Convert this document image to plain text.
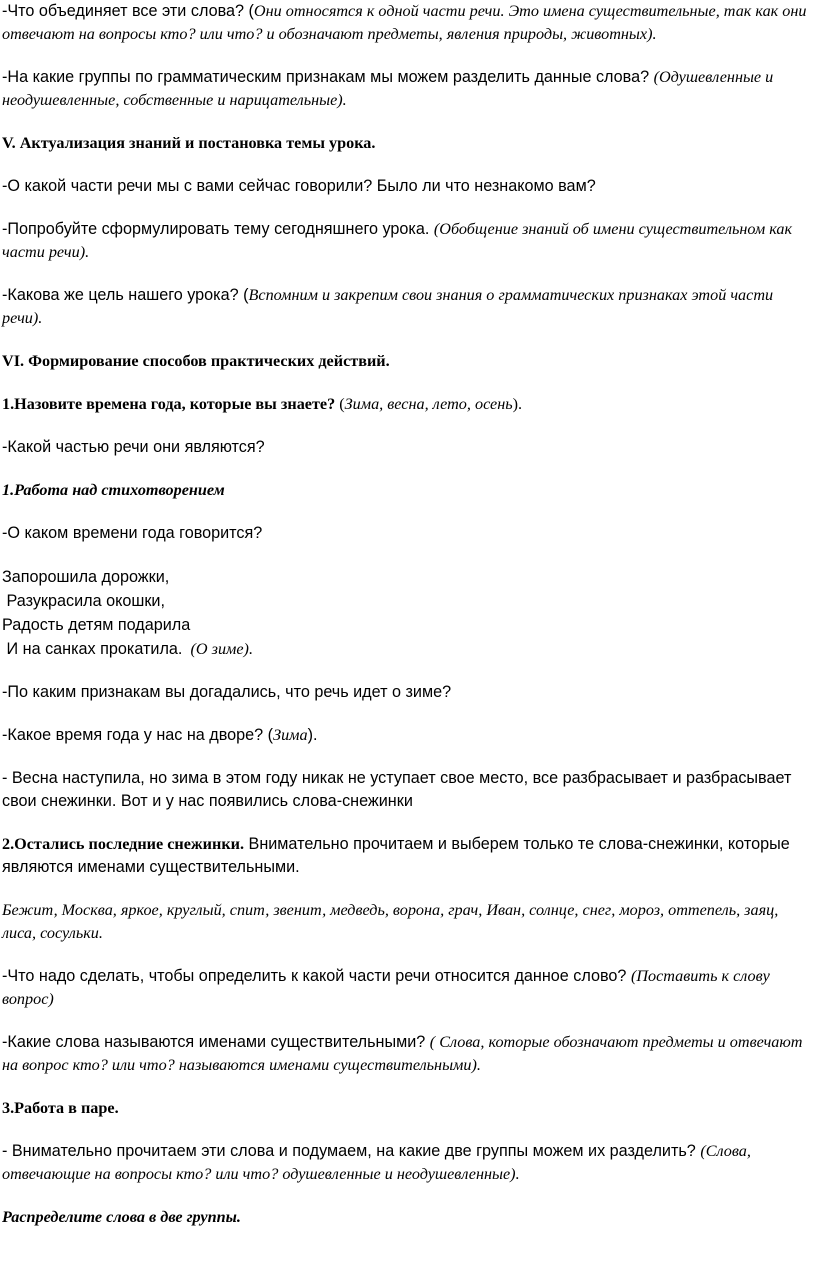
-Что объединяет все эти слова? (Они относятся к одной части речи. Это имена существительные, так как они отвечают на вопросы кто? или что? и обозначают предметы, явления природы, животных).

-На какие группы по грамматическим признакам мы можем разделить данные слова? (Одушевленные и неодушевленные, собственные и нарицательные).

V. Актуализация знаний и постановка темы урока.

-О какой части речи мы с вами сейчас говорили? Было ли что незнакомо вам?

-Попробуйте сформулировать тему сегодняшнего урока. (Обобщение знаний об имени существительном как части речи).

-Какова же цель нашего урока? (Вспомним и закрепим свои знания о грамматических признаках этой части речи).

VI. Формирование способов практических действий.

1.Назовите времена года, которые вы знаете? (Зима, весна, лето, осень).

-Какой частью речи они являются?

1.Работа над стихотворением

-О каком времени года говорится?

Запорошила дорожки,

Разукрасила окошки,

Радость детям подарила

И на санках прокатила. (О зиме).

-По каким признакам вы догадались, что речь идет о зиме?

-Какое время года у нас на дворе? (Зима).

- Весна наступила, но зима в этом году никак не уступает свое место, все разбрасывает и разбрасывает свои снежинки. Вот и у нас появились слова-снежинки

2.Остались последние снежинки. Внимательно прочитаем и выберем только те слова-снежинки, которые являются именами существительными.

Бежит, Москва, яркое, круглый, спит, звенит, медведь, ворона, грач, Иван, солнце, снег, мороз, оттепель, заяц, лиса, сосульки.

-Что надо сделать, чтобы определить к какой части речи относится данное слово? (Поставить к слову вопрос)

-Какие слова называются именами существительными? ( Слова, которые обозначают предметы и отвечают на вопрос кто? или что? называются именами существительными).

3.Работа в паре.

- Внимательно прочитаем эти слова и подумаем, на какие две группы можем их разделить? (Слова, отвечающие на вопросы кто? или что? одушевленные и неодушевленные).

Распределите слова в две группы.
